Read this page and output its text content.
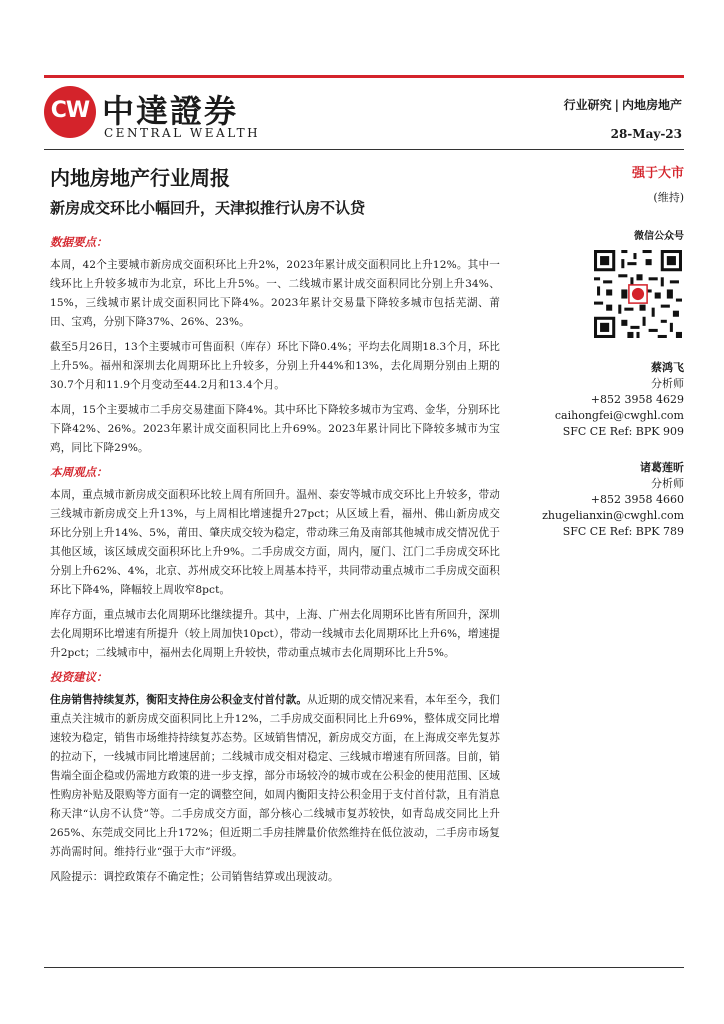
CW 中達證券
CENTRAL WEALTH
行业研究 | 内地房地产
28-May-23
内地房地产行业周报
新房成交环比小幅回升，天津拟推行认房不认贷
数据要点：

本周，42个主要城市新房成交面积环比上升2%，2023年累计成交面积同比上升12%。其中一线环比上升较多城市为北京，环比上升5%。一、二线城市累计成交面积同比分别上升34%、15%，三线城市累计成交面积同比下降4%。2023年累计交易量下降较多城市包括芜湖、莆田、宝鸡，分别下降37%、26%、23%。

截至5月26日，13个主要城市可售面积（库存）环比下降0.4%；平均去化周期18.3个月，环比上升5%。福州和深圳去化周期环比上升较多，分别上升44%和13%，去化周期分别由上期的30.7个月和11.9个月变动至44.2月和13.4个月。

本周，15个主要城市二手房交易建面下降4%。其中环比下降较多城市为宝鸡、金华，分别环比下降42%、26%。2023年累计成交面积同比上升69%。2023年累计同比下降较多城市为宝鸡，同比下降29%。

本周观点：

本周，重点城市新房成交面积环比较上周有所回升。温州、泰安等城市成交环比上升较多，带动三线城市新房成交上升13%，与上周相比增速提升27pct；从区域上看，福州、佛山新房成交环比分别上升14%、5%，莆田、肇庆成交较为稳定，带动珠三角及南部其他城市成交情况优于其他区域，该区域成交面积环比上升9%。二手房成交方面，周内，厦门、江门二手房成交环比分别上升62%、4%，北京、苏州成交环比较上周基本持平，共同带动重点城市二手房成交面积环比下降4%，降幅较上周收窄8pct。

库存方面，重点城市去化周期环比继续提升。其中，上海、广州去化周期环比皆有所回升，深圳去化周期环比增速有所提升（较上周加快10pct），带动一线城市去化周期环比上升6%，增速提升2pct；二线城市中，福州去化周期上升较快，带动重点城市去化周期环比上升5%。

投资建议：

住房销售持续复苏，衡阳支持住房公积金支付首付款。从近期的成交情况来看，本年至今，我们重点关注城市的新房成交面积同比上升12%，二手房成交面积同比上升69%，整体成交同比增速较为稳定，销售市场维持持续复苏态势。区域销售情况，新房成交方面，在上海成交率先复苏的拉动下，一线城市同比增速居前；二线城市成交相对稳定、三线城市增速有所回落。目前，销售端全面企稳或仍需地方政策的进一步支撑，部分市场较冷的城市或在公积金的使用范围、区域性购房补贴及限购等方面有一定的调整空间，如周内衡阳支持公积金用于支付首付款，且有消息称天津“认房不认贷”等。二手房成交方面，部分核心二线城市复苏较快，如青岛成交同比上升265%、东莞成交同比上升172%；但近期二手房挂牌量价依然维持在低位波动，二手房市场复苏尚需时间。维持行业“强于大市”评级。

风险提示：调控政策存不确定性；公司销售结算或出现波动。

强于大市
(维持)
微信公众号
蔡鸿飞
分析师
+852 3958 4629
caihongfei@cwghl.com
SFC CE Ref: BPK 909
诸葛莲昕
分析师
+852 3958 4660
zhugelianxin@cwghl.com
SFC CE Ref: BPK 789
